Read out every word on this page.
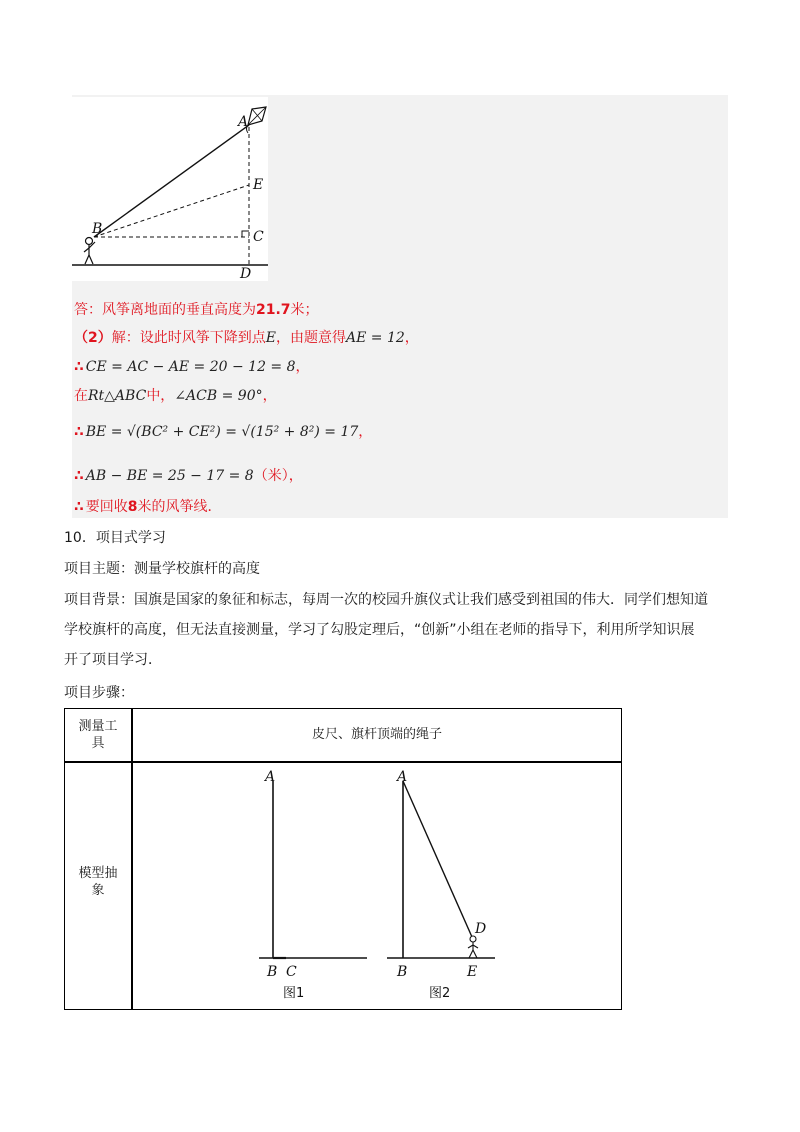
A
E
C
D
B
答：风筝离地面的垂直高度为21.7米；
（2）解：设此时风筝下降到点E，由题意得AE = 12，
∴ CE = AC − AE = 20 − 12 = 8，
在Rt△ABC中，∠ACB = 90°，
∴ BE = √(BC² + CE²) = √(15² + 8²) = 17，
∴ AB − BE = 25 − 17 = 8（米），
∴ 要回收8米的风筝线．
10．项目式学习
项目主题：测量学校旗杆的高度
项目背景：国旗是国家的象征和标志，每周一次的校园升旗仪式让我们感受到祖国的伟大．同学们想知道
学校旗杆的高度，但无法直接测量，学习了勾股定理后，“创新”小组在老师的指导下，利用所学知识展
开了项目学习．
项目步骤：
测量工
具
皮尺、旗杆顶端的绳子
模型抽
象
A
B C
图1
A
D
B	E
图2
